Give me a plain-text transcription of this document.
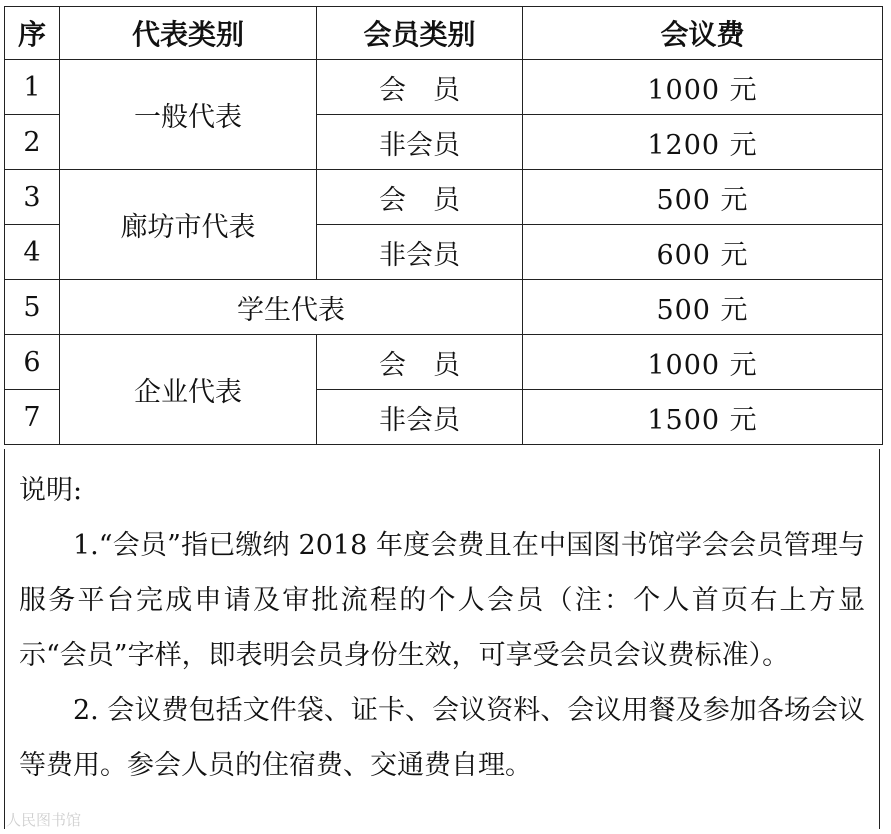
序	代表类别	会员类别	会议费
1	一般代表	会　员	1000 元
2		非会员	1200 元
3	廊坊市代表	会　员	500 元
4		非会员	600 元
5	学生代表		500 元
6	企业代表	会　员	1000 元
7		非会员	1500 元

说明:

1.“会员”指已缴纳 2018 年度会费且在中国图书馆学会会员管理与服务平台完成申请及审批流程的个人会员（注：个人首页右上方显示“会员”字样，即表明会员身份生效，可享受会员会议费标准）。

2. 会议费包括文件袋、证卡、会议资料、会议用餐及参加各场会议等费用。参会人员的住宿费、交通费自理。

人民图书馆
